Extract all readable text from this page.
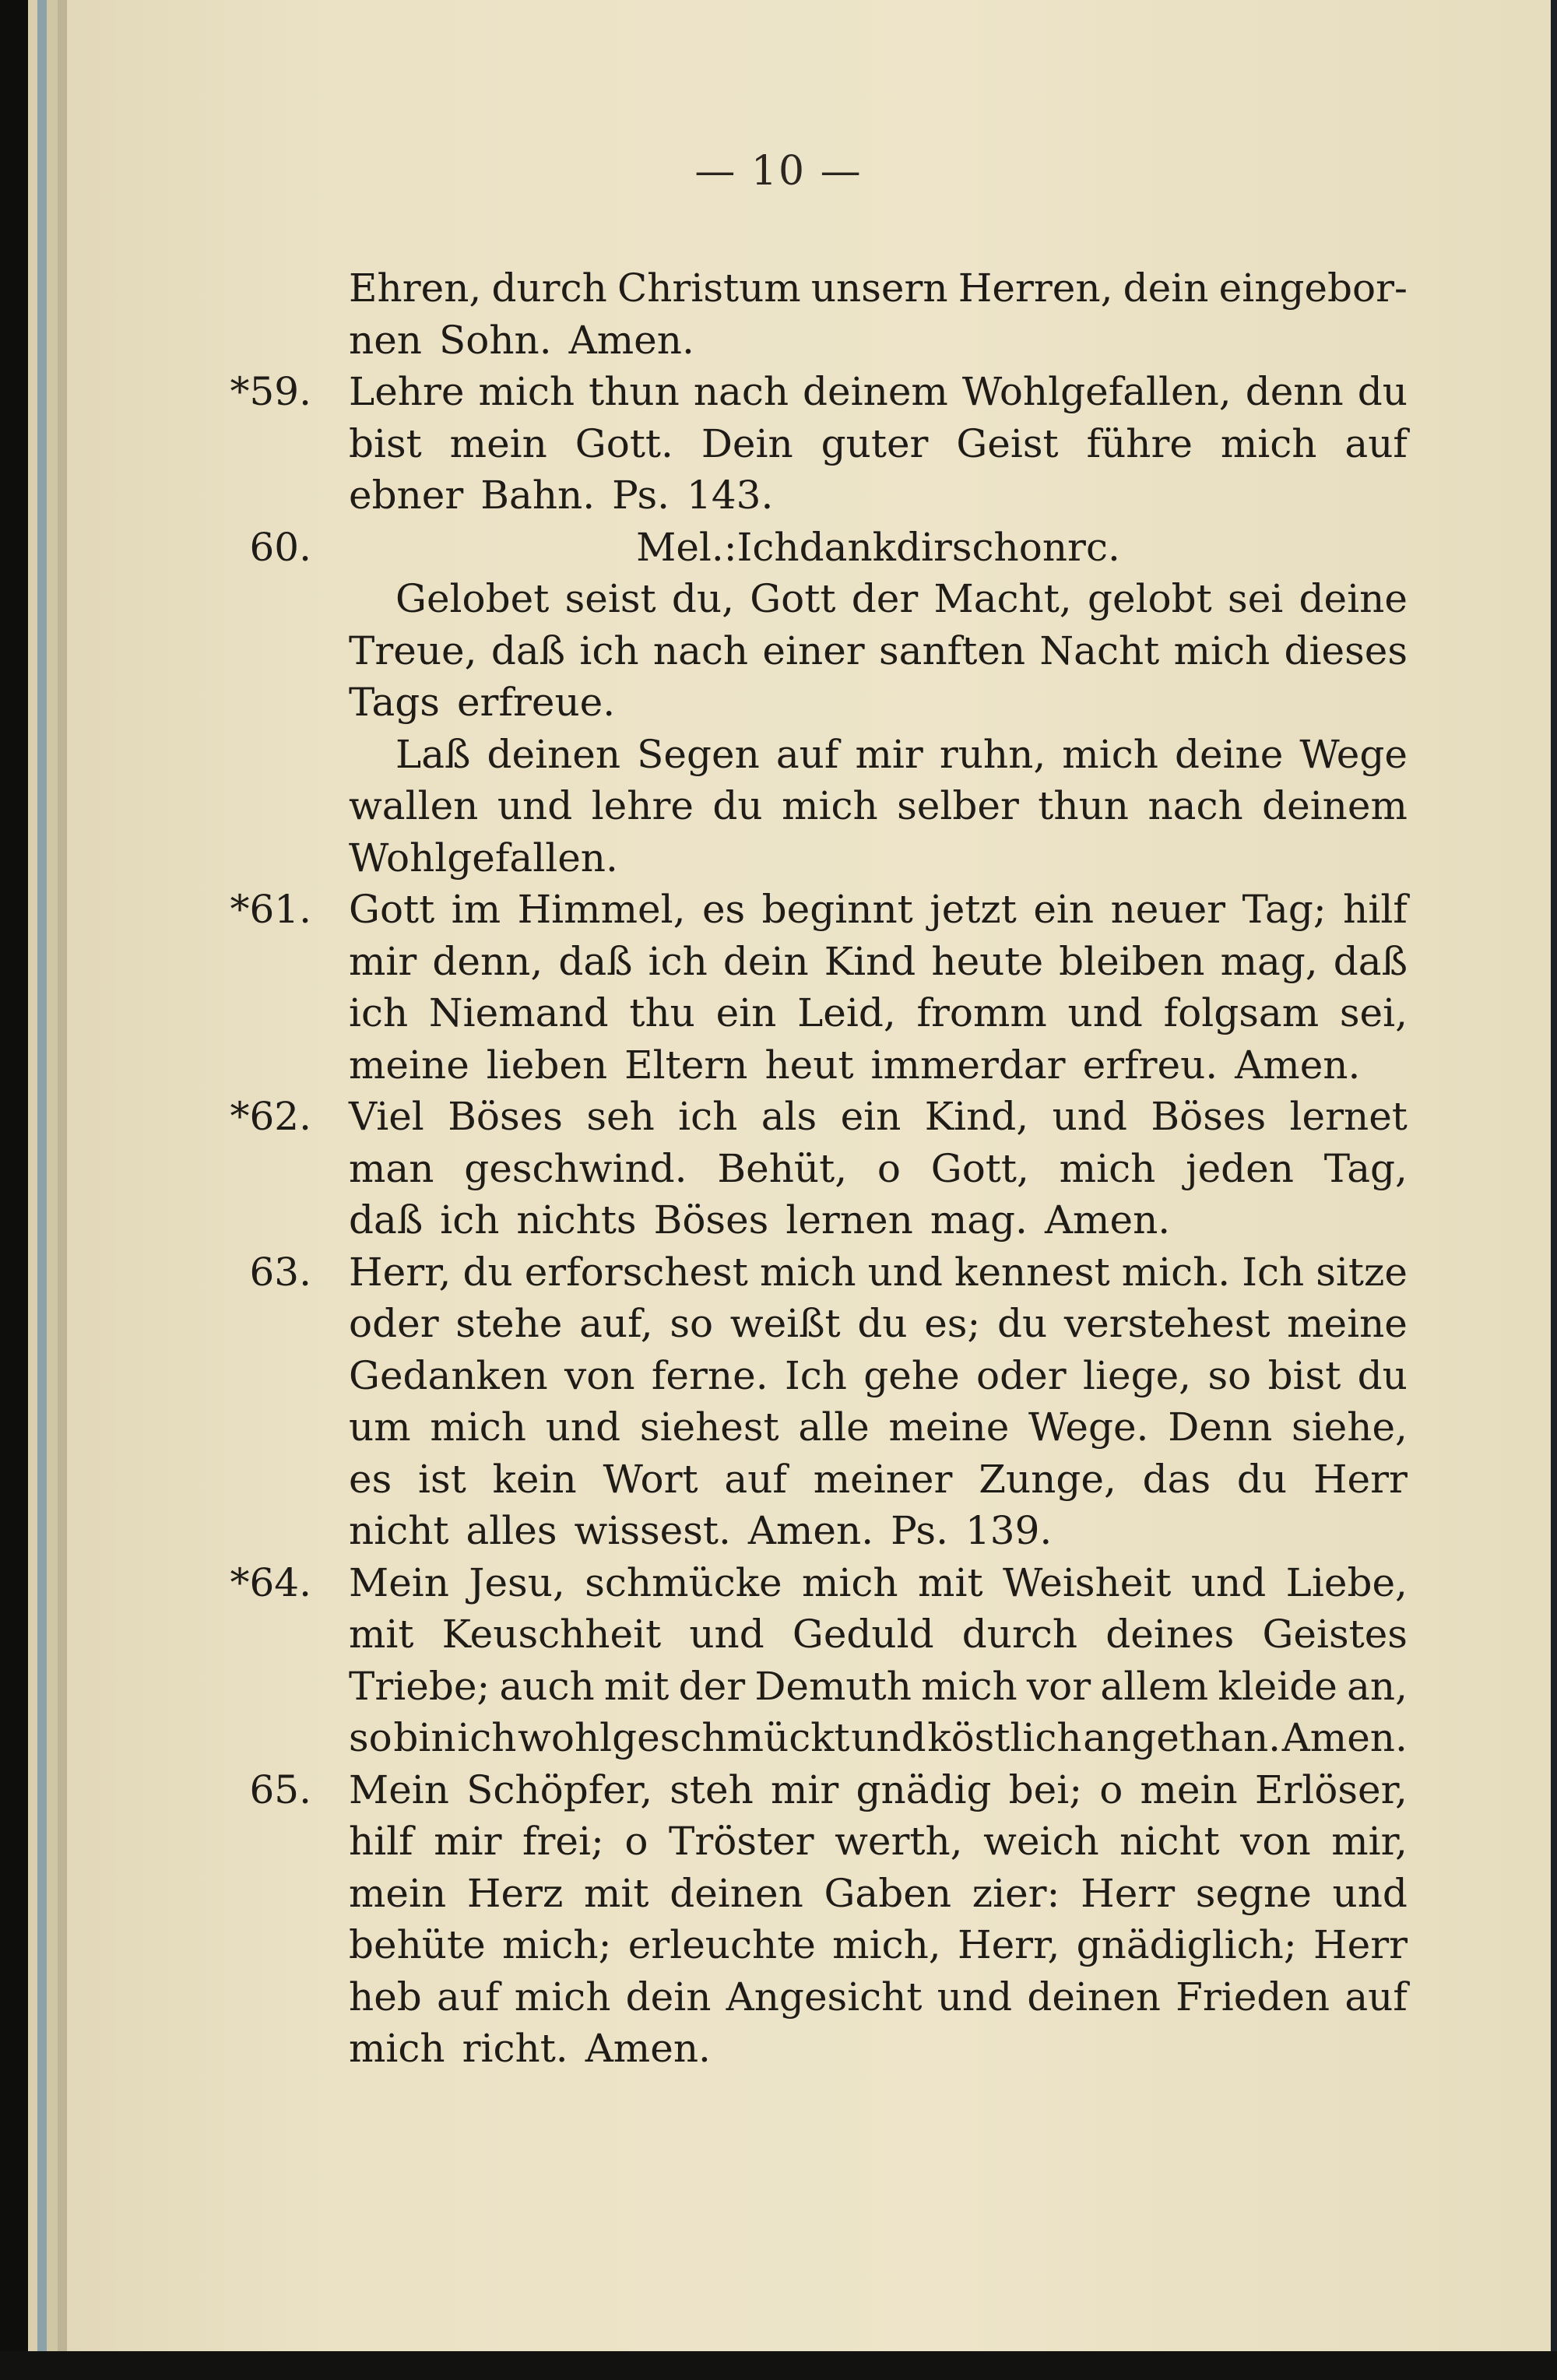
— 10 —
Ehren, durch Christum unsern Herren, dein eingebor-
nen Sohn. Amen.
*59. Lehre mich thun nach deinem Wohlgefallen, denn du
bist mein Gott. Dein guter Geist führe mich auf
ebner Bahn. Ps. 143.
60.	Mel.: Ich dank dir schon rc.
Gelobet seist du, Gott der Macht, gelobt sei deine
Treue, daß ich nach einer sanften Nacht mich dieses
Tags erfreue.
Laß deinen Segen auf mir ruhn, mich deine Wege
wallen und lehre du mich selber thun nach deinem
Wohlgefallen.
*61. Gott im Himmel, es beginnt jetzt ein neuer Tag; hilf
mir denn, daß ich dein Kind heute bleiben mag, daß
ich Niemand thu ein Leid, fromm und folgsam sei,
meine lieben Eltern heut immerdar erfreu. Amen.
*62. Viel Böses seh ich als ein Kind, und Böses lernet
man geschwind. Behüt, o Gott, mich jeden Tag,
daß ich nichts Böses lernen mag. Amen.
63. Herr, du erforschest mich und kennest mich. Ich sitze
oder stehe auf, so weißt du es; du verstehest meine
Gedanken von ferne. Ich gehe oder liege, so bist du
um mich und siehest alle meine Wege. Denn siehe,
es ist kein Wort auf meiner Zunge, das du Herr
nicht alles wissest. Amen. Ps. 139.
*64. Mein Jesu, schmücke mich mit Weisheit und Liebe,
mit Keuschheit und Geduld durch deines Geistes
Triebe; auch mit der Demuth mich vor allem kleide an,
so bin ich wohlgeschmückt und köstlich angethan. Amen.
65. Mein Schöpfer, steh mir gnädig bei; o mein Erlöser,
hilf mir frei; o Tröster werth, weich nicht von mir,
mein Herz mit deinen Gaben zier: Herr segne und
behüte mich; erleuchte mich, Herr, gnädiglich; Herr
heb auf mich dein Angesicht und deinen Frieden auf
mich richt. Amen.
